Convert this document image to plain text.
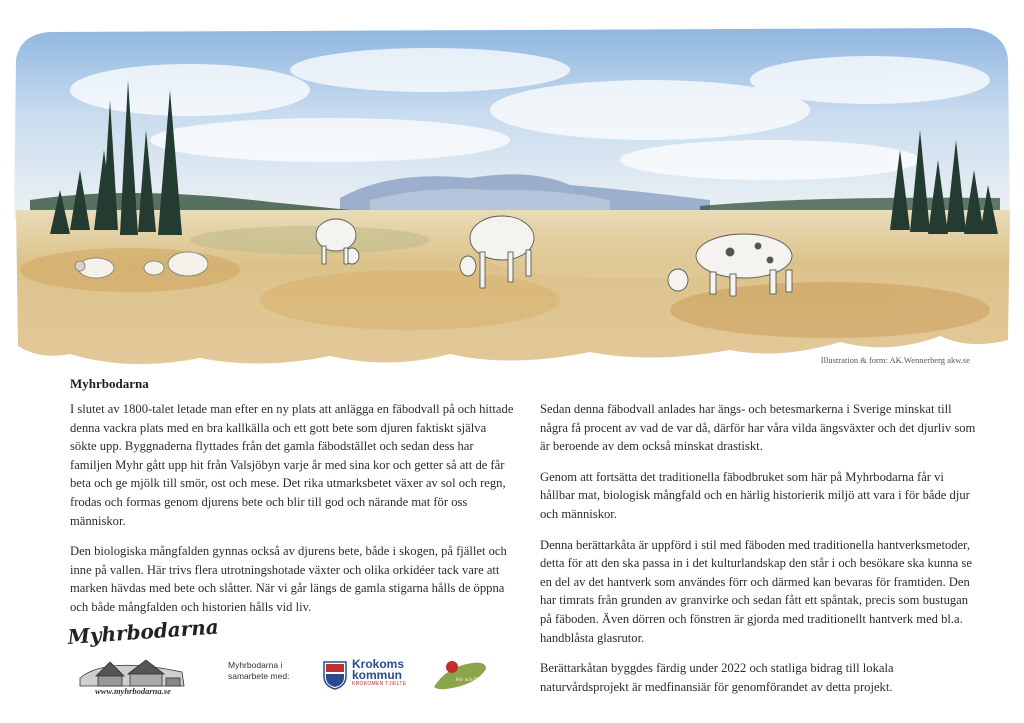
Illustration & form: AK.Wennerberg akw.se
Myhrbodarna

I slutet av 1800-talet letade man efter en ny plats att anlägga en fäbodvall på och hittade denna vackra plats med en bra kallkälla och ett gott bete som djuren faktiskt själva sökte upp. Byggnaderna flyttades från det gamla fäbodstället och sedan dess har familjen Myhr gått upp hit från Valsjöbyn varje år med sina kor och getter så att de får beta och ge mjölk till smör, ost och mese. Det rika utmarksbetet växer av sol och regn, frodas och formas genom djurens bete och blir till god och närande mat för oss människor.

Den biologiska mångfalden gynnas också av djurens bete, både i skogen, på fjället och inne på vallen. Här trivs flera utrotningshotade växter och olika orkidéer tack vare att marken hävdas med bete och slåtter. När vi går längs de gamla stigarna hålls de öppna och både mångfalden och historien hålls vid liv.

Sedan denna fäbodvall anlades har ängs- och betesmarkerna i Sverige minskat till några få procent av vad de var då, därför har våra vilda ängsväxter och det djurliv som är beroende av dem också minskat drastiskt.

Genom att fortsätta det traditionella fäbodbruket som här på Myhrbodarna får vi hållbar mat, biologisk mångfald och en härlig historierik miljö att vara i för både djur och människor.

Denna berättarkåta är uppförd i stil med fäboden med traditionella hantverksmetoder, detta för att den ska passa in i det kulturlandskap den står i och besökare ska kunna se en del av det hantverk som användes förr och därmed kan bevaras för framtiden. Den har timrats från grunden av granvirke och sedan fått ett spåntak, precis som bustugan på fäboden. Även dörren och fönstren är gjorda med traditionellt hantverk med bl.a. handblåsta glasrutor.

Berättarkåtan byggdes färdig under 2022 och statliga bidrag till lokala naturvårdsprojekt är medfinansiär för genomförandet av detta projekt.

Myhrbodarna
www.myhrbodarna.se
Myhrbodarna i samarbete med:
Krokoms
kommun
KROKOMEN TJIELTE
Frö- och fäbodsföreningen
